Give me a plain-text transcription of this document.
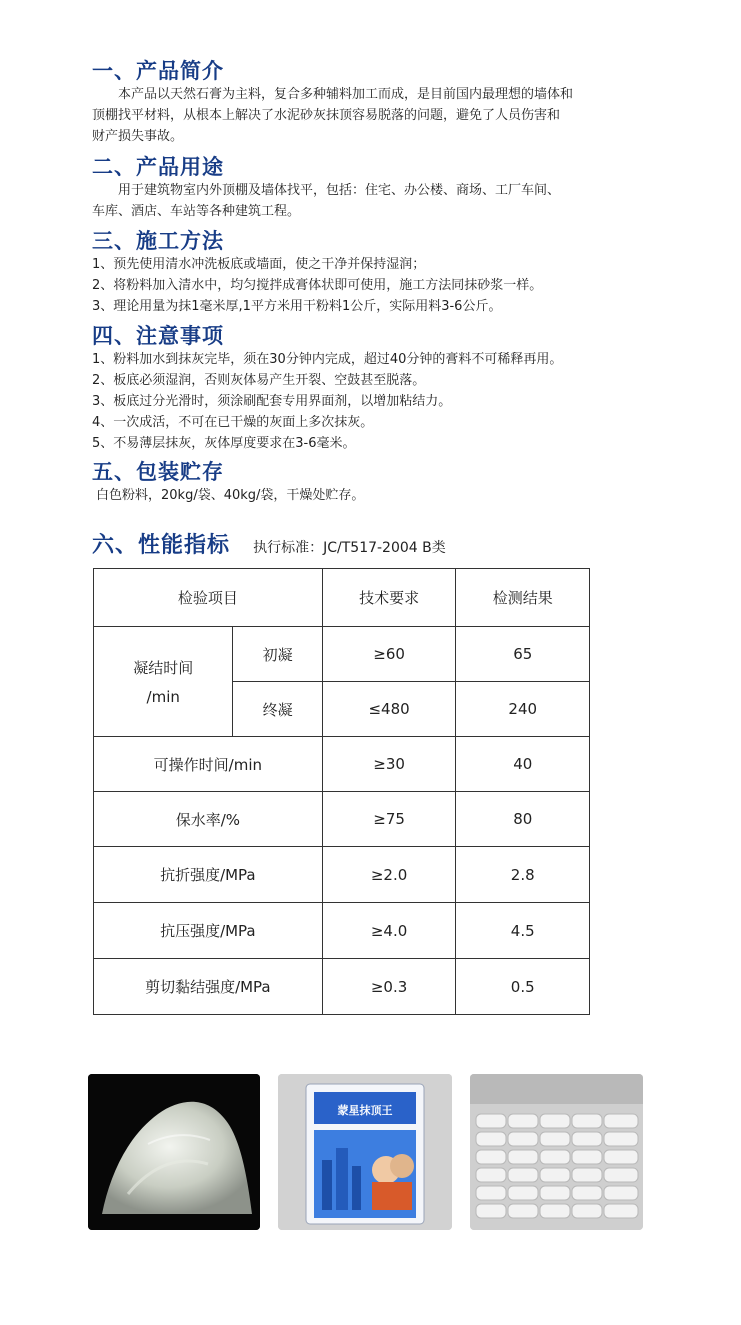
一、产品简介
本产品以天然石膏为主料，复合多种辅料加工而成，是目前国内最理想的墙体和
顶棚找平材料，从根本上解决了水泥砂灰抹顶容易脱落的问题，避免了人员伤害和
财产损失事故。
二、产品用途
用于建筑物室内外顶棚及墙体找平，包括：住宅、办公楼、商场、工厂车间、
车库、酒店、车站等各种建筑工程。
三、施工方法
1、预先使用清水冲洗板底或墙面，使之干净并保持湿润；
2、将粉料加入清水中，均匀搅拌成膏体状即可使用，施工方法同抹砂浆一样。
3、理论用量为抹1毫米厚,1平方米用干粉料1公斤，实际用料3-6公斤。
四、注意事项
1、粉料加水到抹灰完毕，须在30分钟内完成，超过40分钟的膏料不可稀释再用。
2、板底必须湿润，否则灰体易产生开裂、空鼓甚至脱落。
3、板底过分光滑时，须涂刷配套专用界面剂，以增加粘结力。
4、一次成活，不可在已干燥的灰面上多次抹灰。
5、不易薄层抹灰，灰体厚度要求在3-6毫米。
五、包装贮存
白色粉料，20kg/袋、40kg/袋，干燥处贮存。
六、性能指标 执行标准：JC/T517-2004 B类
检验项目		技术要求	检测结果

凝结时间
/min	初凝	≥60	65
	终凝	≤480	240
可操作时间/min		≥30	40
保水率/%		≥75	80
抗折强度/MPa		≥2.0	2.8
抗压强度/MPa		≥4.0	4.5
剪切黏结强度/MPa		≥0.3	0.5
蒙星抹顶王
